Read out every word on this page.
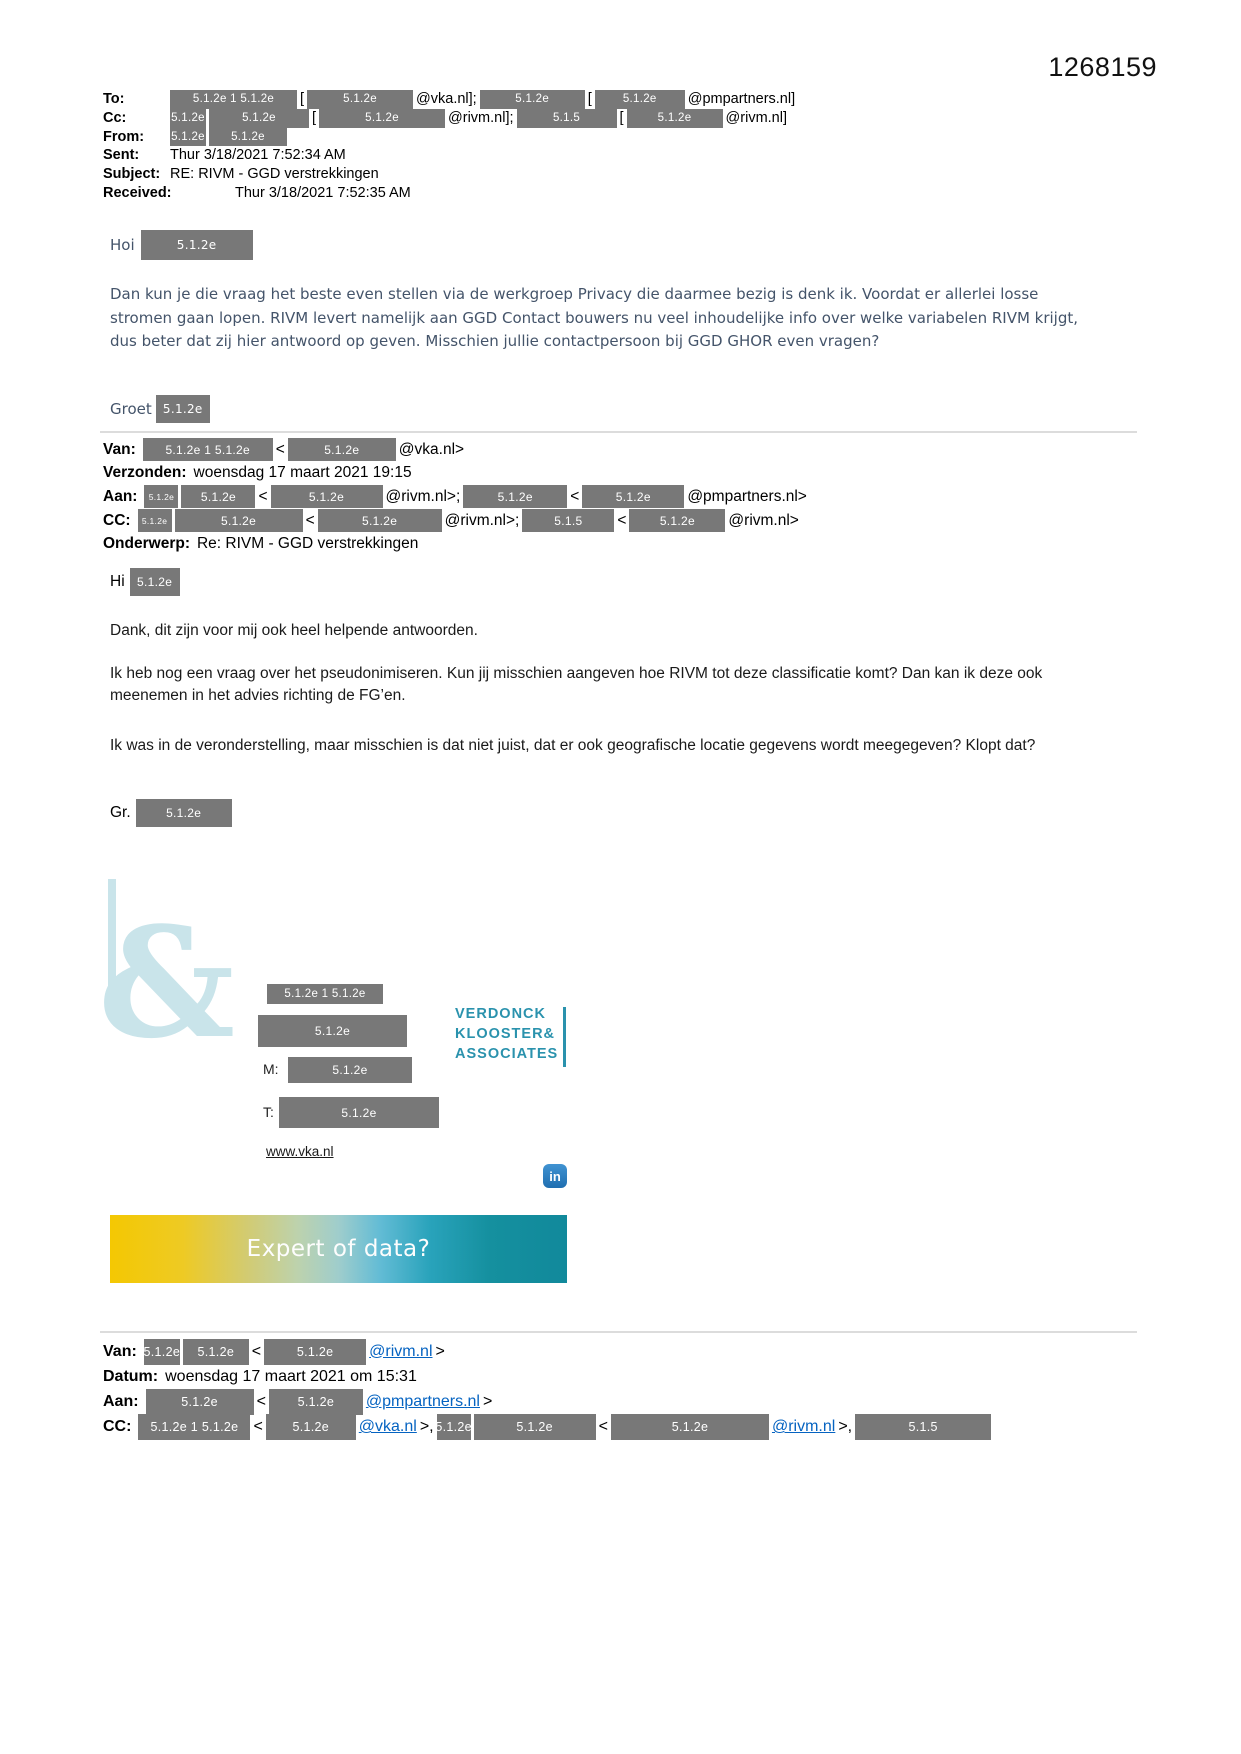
1268159
To:	5.1.2e 1 5.1.2e	[	5.1.2e	@vka.nl];	5.1.2e	[	5.1.2e	@pmpartners.nl]
Cc:	5.1.2e	5.1.2e	[	5.1.2e	@rivm.nl];	5.1.5	[	5.1.2e	@rivm.nl]
From:	5.1.2e	5.1.2e
Sent:	Thur 3/18/2021 7:52:34 AM
Subject: RE: RIVM - GGD verstrekkingen
Received:	Thur 3/18/2021 7:52:35 AM
Hoi	5.1.2e
Dan kun je die vraag het beste even stellen via de werkgroep Privacy die daarmee bezig is denk ik. Voordat er allerlei losse stromen gaan lopen. RIVM levert namelijk aan GGD Contact bouwers nu veel inhoudelijke info over welke variabelen RIVM krijgt, dus beter dat zij hier antwoord op geven. Misschien jullie contactpersoon bij GGD GHOR even vragen?
Groet 5.1.2e
Van:	5.1.2e 1 5.1.2e	<	5.1.2e	@vka.nl>
Verzonden: woensdag 17 maart 2021 19:15
Aan:	5.1.2e	5.1.2e	<	5.1.2e	@rivm.nl>;	5.1.2e	<	5.1.2e	@pmpartners.nl>
CC:	5.1.2e	5.1.2e	<	5.1.2e	@rivm.nl>;	5.1.5	<	5.1.2e	@rivm.nl>
Onderwerp: Re: RIVM - GGD verstrekkingen
Hi	5.1.2e
Dank, dit zijn voor mij ook heel helpende antwoorden.
Ik heb nog een vraag over het pseudonimiseren. Kun jij misschien aangeven hoe RIVM tot deze classificatie komt? Dan kan ik deze ook meenemen in het advies richting de FG’en.
Ik was in de veronderstelling, maar misschien is dat niet juist, dat er ook geografische locatie gegevens wordt meegegeven? Klopt dat?
Gr.	5.1.2e
&	5.1.2e 1 5.1.2e
5.1.2e
M:	5.1.2e
T:	5.1.2e
www.vka.nl
in
VERDONCK
KLOOSTER&
ASSOCIATES
Expert of data?
Van: 5.1.2e	5.1.2e	<	5.1.2e	@rivm.nl >
Datum: woensdag 17 maart 2021 om 15:31
Aan:	5.1.2e	<	5.1.2e	@pmpartners.nl >
CC:	5.1.2e 1 5.1.2e <	5.1.2e	@vka.nl >, 5.1.2e	5.1.2e	<	5.1.2e	@rivm.nl >,	5.1.5
